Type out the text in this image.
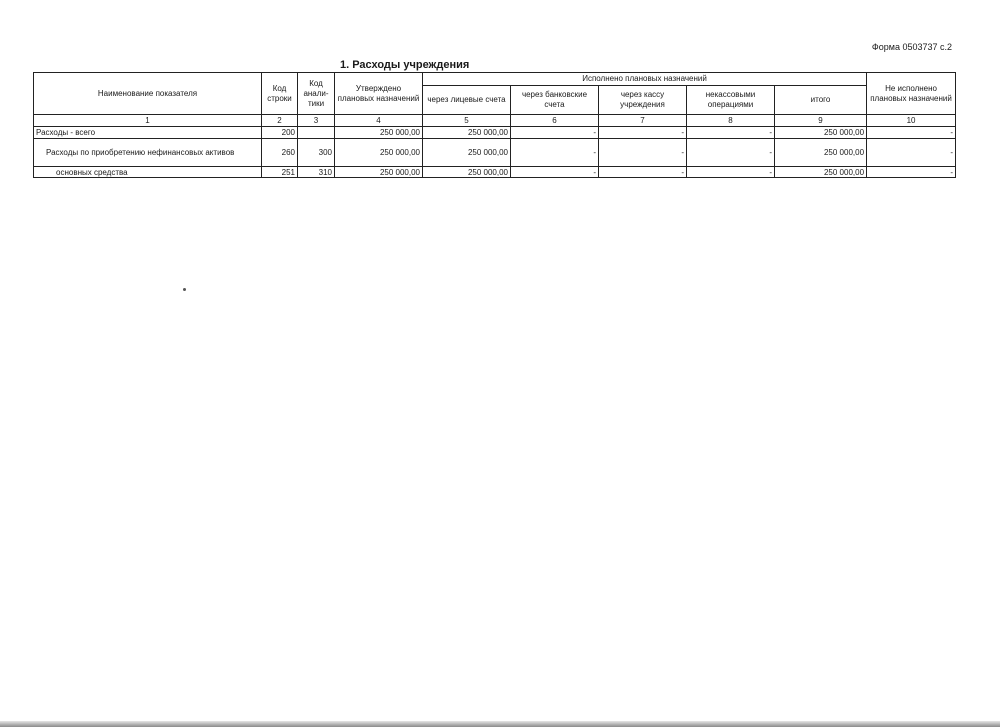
Форма 0503737 с.2
1. Расходы учреждения
Наименование показателя	Код строки	Код анали-тики	Утверждено плановых назначений	Исполнено плановых назначений					Не исполнено плановых назначений
				через лицевые счета	через банковские счета	через кассу учреждения	некассовыми операциями	итого	
1	2	3	4	5	6	7	8	9	10
Расходы - всего	200		250 000,00	250 000,00	-	-	-	250 000,00	-
Расходы по приобретению нефинансовых активов	260	300	250 000,00	250 000,00	-	-	-	250 000,00	-
основных средства	251	310	250 000,00	250 000,00	-	-	-	250 000,00	-
